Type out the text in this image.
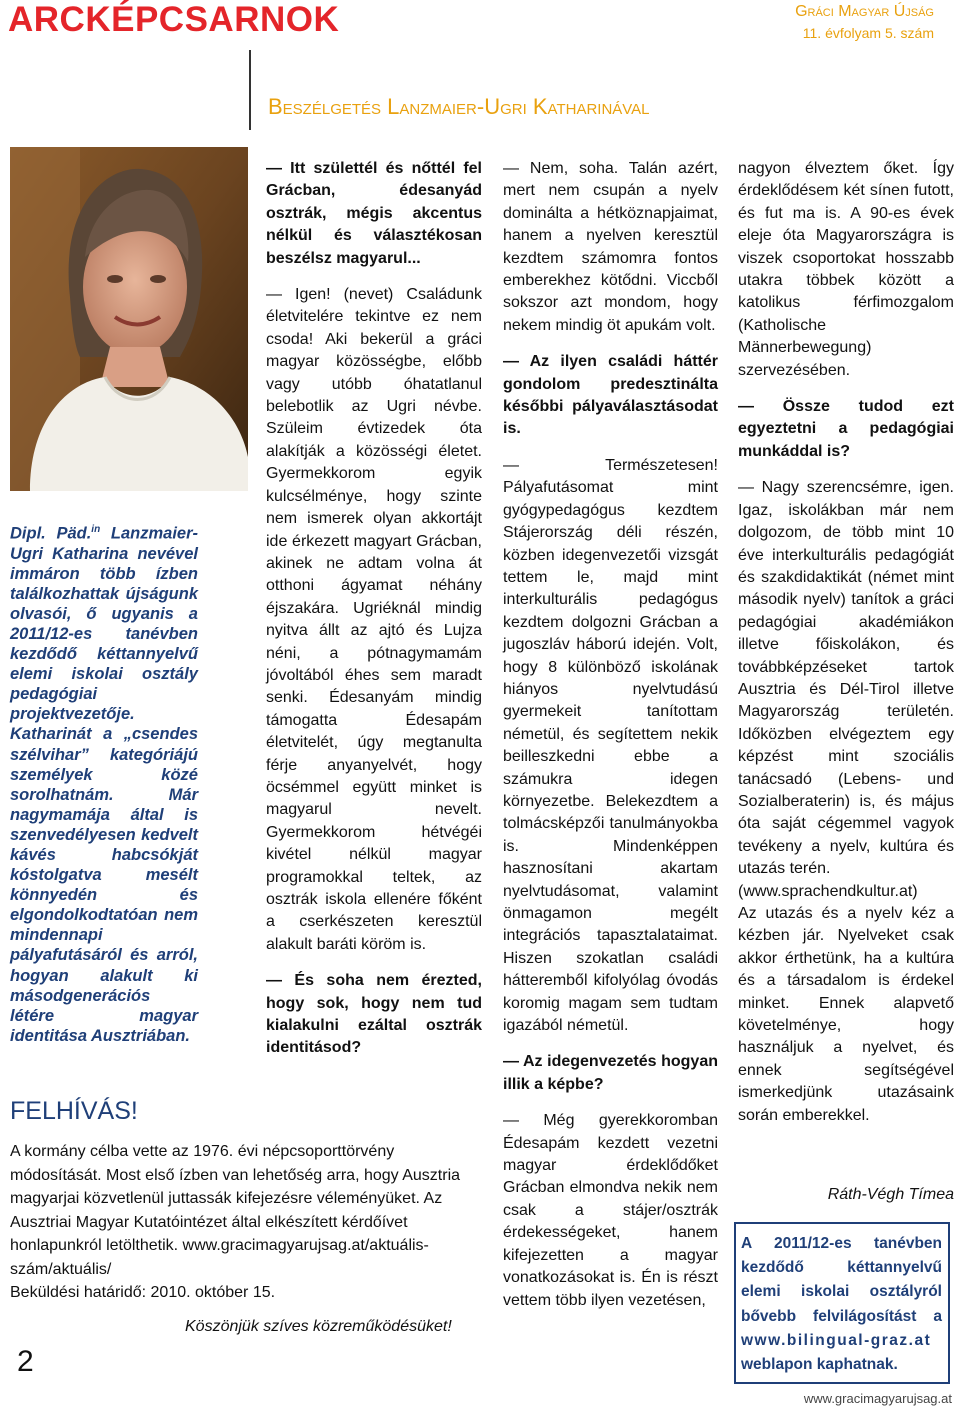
ARCKÉPCSARNOK	Gráci Magyar Újság
11. évfolyam 5. szám
Beszélgetés Lanzmaier-Ugri Katharinával
Dipl. Päd.$^{in}$ Lanzmaier-Ugri Katharina nevével immáron több ízben találkozhattak újságunk olvasói, ő ugyanis a 2011/12-es tanévben kezdődő kéttannyelvű elemi iskolai osztály pedagógiai projektvezetője. Katharinát a „csendes szélvihar” kategóriájú személyek közé sorolhatnám. Már nagymamája által is szenvedélyesen kedvelt kávés habcsókját kóstolgatva mesélt könnyedén és elgondolkodtatóan nem mindennapi pályafutásáról és arról, hogyan alakult ki másodgenerációs létére magyar identitása Ausztriában.

— Itt születtél és nőttél fel Grácban, édesanyád osztrák, mégis akcentus nélkül és választékosan beszélsz magyarul...

— Igen! (nevet) Családunk életvitelére tekintve ez nem csoda! Aki bekerül a gráci magyar közösségbe, előbb vagy utóbb óhatatlanul belebotlik az Ugri névbe. Szüleim évtizedek óta alakítják a közösségi életet. Gyermekkorom egyik kulcsélménye, hogy szinte nem ismerek olyan akkortájt ide érkezett magyart Grácban, akinek ne adtam volna át otthoni ágyamat néhány éjszakára. Ugriéknál mindig nyitva állt az ajtó és Lujza néni, a pótnagymamám jóvoltából éhes sem maradt senki. Édesanyám mindig támogatta Édesapám életvitelét, úgy megtanulta férje anyanyelvét, hogy öcsémmel együtt minket is magyarul nevelt. Gyermekkorom hétvégéi kivétel nélkül magyar programokkal teltek, az osztrák iskola ellenére főként a cserkészeten keresztül alakult baráti köröm is.

— És soha nem érezted, hogy sok, hogy nem tud kialakulni ezáltal osztrák identitásod?

— Nem, soha. Talán azért, mert nem csupán a nyelv dominálta a hétköznapjaimat, hanem a nyelven keresztül kezdtem számomra fontos emberekhez kötődni. Viccből sokszor azt mondom, hogy nekem mindig öt apukám volt.

— Az ilyen családi háttér gondolom predesztinálta későbbi pályaválasztásodat is.

— Természetesen! Pályafutásomat mint gyógypedagógus kezdtem Stájerország déli részén, közben idegenvezetői vizsgát tettem le, majd mint interkulturális pedagógus kezdtem dolgozni Grácban a jugoszláv háború idején. Volt, hogy 8 különböző iskolának hiányos nyelvtudású gyermekeit tanítottam németül, és segítettem nekik beilleszkedni ebbe a számukra idegen környezetbe. Belekezdtem a tolmácsképzői tanulmányokba is. Mindenképpen hasznosítani akartam nyelvtudásomat, valamint önmagamon megélt integrációs tapasztalataimat. Hiszen szokatlan családi hátteremből kifolyólag óvodás koromig magam sem tudtam igazából németül.

— Az idegenvezetés hogyan illik a képbe?

— Még gyerekkoromban Édesapám kezdett vezetni magyar érdeklődőket Grácban elmondva nekik nem csak a stájer/osztrák érdekességeket, hanem kifejezetten a magyar vonatkozásokat is. Én is részt vettem több ilyen vezetésen,

nagyon élveztem őket. Így érdeklődésem két sínen futott, és fut ma is. A 90-es évek eleje óta Magyarországra is viszek csoportokat hosszabb utakra többek között a katolikus férfimozgalom (Katholische Männerbewegung) szervezésében.

— Össze tudod ezt egyeztetni a pedagógiai munkáddal is?

— Nagy szerencsémre, igen. Igaz, iskolákban már nem dolgozom, de több mint 10 éve interkulturális pedagógiát és szakdidaktikát (német mint második nyelv) tanítok a gráci pedagógiai akadémiákon illetve főiskolákon, és továbbképzéseket tartok Ausztria és Dél-Tirol illetve Magyarország területén. Időközben elvégeztem egy képzést mint szociális tanácsadó (Lebens- und Sozialberaterin) is, és május óta saját cégemmel vagyok tevékeny a nyelv, kultúra és utazás terén.

(www.sprachendkultur.at)

Az utazás és a nyelv kéz a kézben jár. Nyelveket csak akkor érthetünk, ha a kultúra és a társadalom is érdekel minket. Ennek alapvető követelménye, hogy használjuk a nyelvet, és ennek segítségével ismerkedjünk utazásaink során emberekkel.

Ráth-Végh Tímea
FELHÍVÁS!
A kormány célba vette az 1976. évi népcsoporttörvény módosítását. Most első ízben van lehetőség arra, hogy Ausztria magyarjai közvetlenül juttassák kifejezésre véleményüket. Az Ausztriai Magyar Kutatóintézet által elkészített kérdőívet honlapunkról letölthetik. www.gracimagyarujsag.at/aktuális-szám/aktuális/
Beküldési határidő: 2010. október 15.
Köszönjük szíves közreműködésüket!
2
A 2011/12-es tanévben kezdődő kéttannyelvű elemi iskolai osztályról bővebb felvilágosítást a www.bilingual-graz.at weblapon kaphatnak.
www.gracimagyarujsag.at
